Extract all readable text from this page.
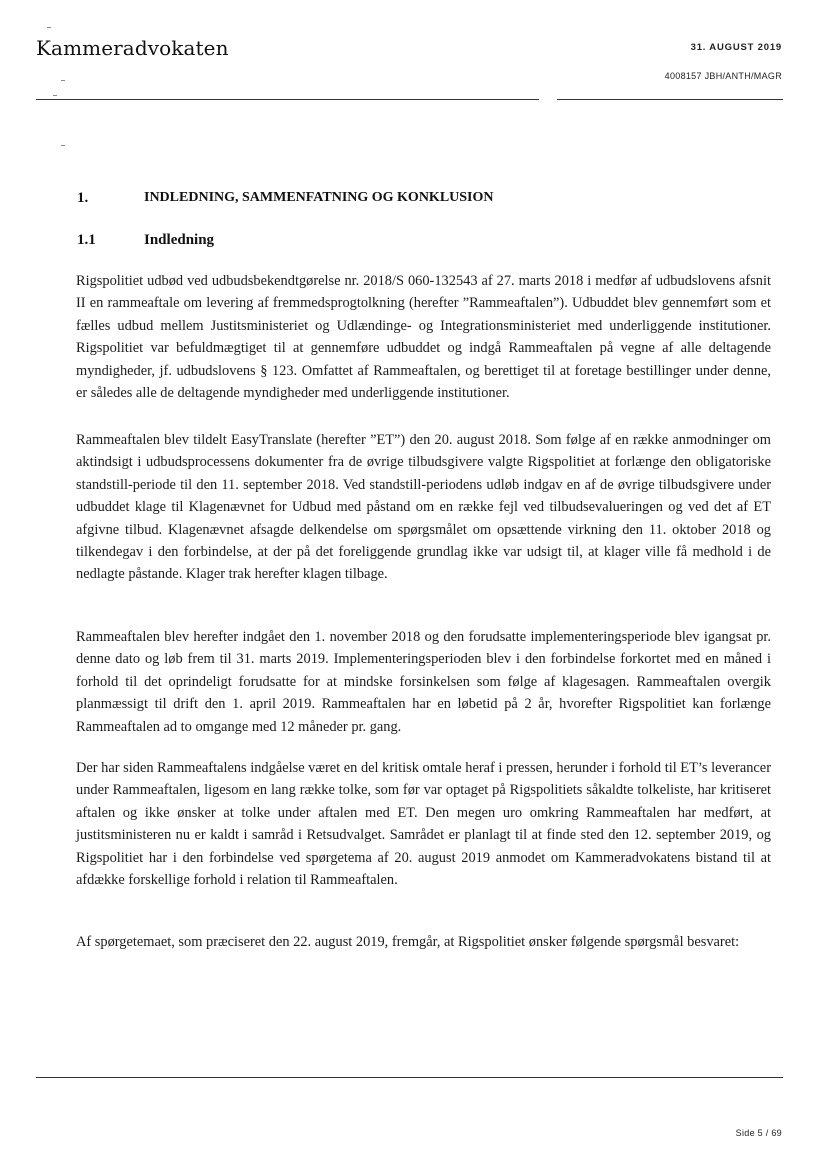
Kammeradvokaten	31. AUGUST 2019
4008157 JBH/ANTH/MAGR
1.	INDLEDNING, SAMMENFATNING OG KONKLUSION
1.1	Indledning

Rigspolitiet udbød ved udbudsbekendtgørelse nr. 2018/S 060-132543 af 27. marts 2018 i medfør af udbudslovens afsnit II en rammeaftale om levering af fremmedsprogtolkning (herefter ”Rammeaftalen”). Udbuddet blev gennemført som et fælles udbud mellem Justitsministeriet og Udlændinge- og Integrationsministeriet med underliggende institutioner. Rigspolitiet var befuldmægtiget til at gennemføre udbuddet og indgå Rammeaftalen på vegne af alle deltagende myndigheder, jf. udbudslovens § 123. Omfattet af Rammeaftalen, og berettiget til at foretage bestillinger under denne, er således alle de deltagende myndigheder med underliggende institutioner.

Rammeaftalen blev tildelt EasyTranslate (herefter ”ET”) den 20. august 2018. Som følge af en række anmodninger om aktindsigt i udbudsprocessens dokumenter fra de øvrige tilbudsgivere valgte Rigspolitiet at forlænge den obligatoriske standstill-periode til den 11. september 2018. Ved standstill-periodens udløb indgav en af de øvrige tilbudsgivere under udbuddet klage til Klagenævnet for Udbud med påstand om en række fejl ved tilbudsevalueringen og ved det af ET afgivne tilbud. Klagenævnet afsagde delkendelse om spørgsmålet om opsættende virkning den 11. oktober 2018 og tilkendegav i den forbindelse, at der på det foreliggende grundlag ikke var udsigt til, at klager ville få medhold i de nedlagte påstande. Klager trak herefter klagen tilbage.

Rammeaftalen blev herefter indgået den 1. november 2018 og den forudsatte implementeringsperiode blev igangsat pr. denne dato og løb frem til 31. marts 2019. Implementeringsperioden blev i den forbindelse forkortet med en måned i forhold til det oprindeligt forudsatte for at mindske forsinkelsen som følge af klagesagen. Rammeaftalen overgik planmæssigt til drift den 1. april 2019. Rammeaftalen har en løbetid på 2 år, hvorefter Rigspolitiet kan forlænge Rammeaftalen ad to omgange med 12 måneder pr. gang.

Der har siden Rammeaftalens indgåelse været en del kritisk omtale heraf i pressen, herunder i forhold til ET’s leverancer under Rammeaftalen, ligesom en lang række tolke, som før var optaget på Rigspolitiets såkaldte tolkeliste, har kritiseret aftalen og ikke ønsker at tolke under aftalen med ET. Den megen uro omkring Rammeaftalen har medført, at justitsministeren nu er kaldt i samråd i Retsudvalget. Samrådet er planlagt til at finde sted den 12. september 2019, og Rigspolitiet har i den forbindelse ved spørgetema af 20. august 2019 anmodet om Kammeradvokatens bistand til at afdække forskellige forhold i relation til Rammeaftalen.

Af spørgetemaet, som præciseret den 22. august 2019, fremgår, at Rigspolitiet ønsker følgende spørgsmål besvaret:

Side 5 / 69
